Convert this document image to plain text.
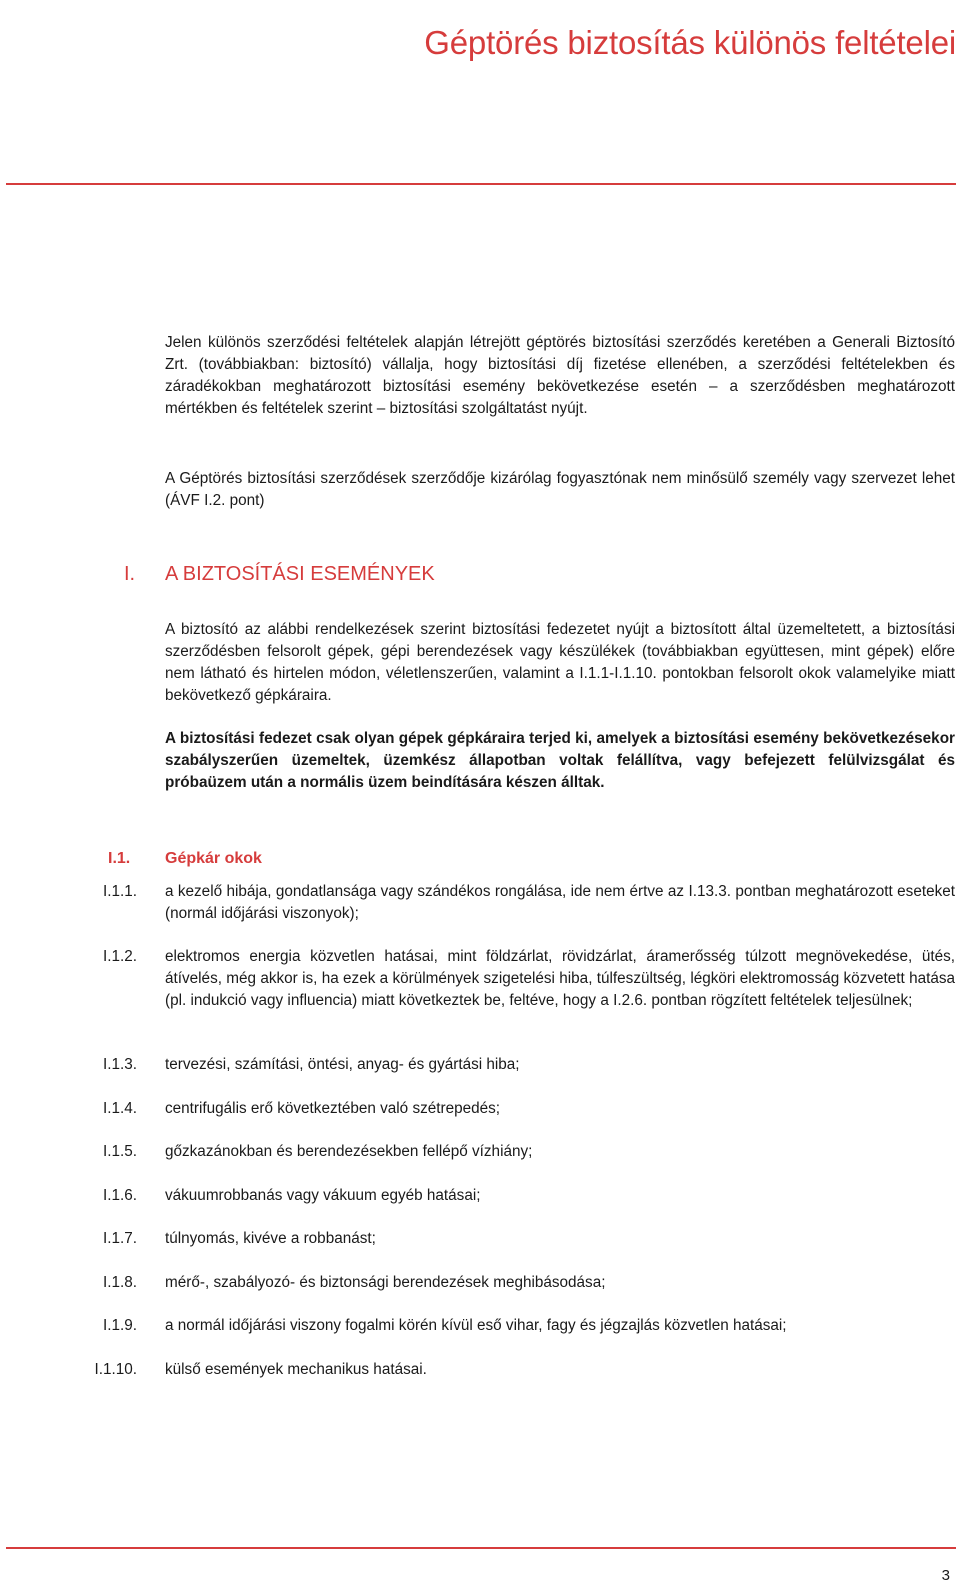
Géptörés biztosítás különös feltételei

Jelen különös szerződési feltételek alapján létrejött géptörés biztosítási szerződés keretében a Generali Biztosító Zrt. (továbbiakban: biztosító) vállalja, hogy biztosítási díj fizetése ellenében, a szerződési feltételekben és záradékokban meghatározott biztosítási esemény bekövetkezése esetén – a szerződésben meghatározott mértékben és feltételek szerint – biztosítási szolgáltatást nyújt.

A Géptörés biztosítási szerződések szerződője kizárólag fogyasztónak nem minősülő személy vagy szervezet lehet (ÁVF I.2. pont)

I. A BIZTOSÍTÁSI ESEMÉNYEK

A biztosító az alábbi rendelkezések szerint biztosítási fedezetet nyújt a biztosított által üzemeltetett, a biztosítási szerződésben felsorolt gépek, gépi berendezések vagy készülékek (továbbiakban együttesen, mint gépek) előre nem látható és hirtelen módon, véletlenszerűen, valamint a I.1.1-I.1.10. pontokban felsorolt okok valamelyike miatt bekövetkező gépkáraira.

A biztosítási fedezet csak olyan gépek gépkáraira terjed ki, amelyek a biztosítási esemény bekövetkezésekor szabályszerűen üzemeltek, üzemkész állapotban voltak felállítva, vagy befejezett felülvizsgálat és próbaüzem után a normális üzem beindítására készen álltak.

I.1. Gépkár okok
I.1.1. a kezelő hibája, gondatlansága vagy szándékos rongálása, ide nem értve az I.13.3. pontban meghatározott eseteket (normál időjárási viszonyok);
I.1.2. elektromos energia közvetlen hatásai, mint földzárlat, rövidzárlat, áramerősség túlzott megnövekedése, ütés, átívelés, még akkor is, ha ezek a körülmények szigetelési hiba, túlfeszültség, légköri elektromosság közvetett hatása (pl. indukció vagy influencia) miatt következtek be, feltéve, hogy a I.2.6. pontban rögzített feltételek teljesülnek;
I.1.3. tervezési, számítási, öntési, anyag- és gyártási hiba;
I.1.4. centrifugális erő következtében való szétrepedés;
I.1.5. gőzkazánokban és berendezésekben fellépő vízhiány;
I.1.6. vákuumrobbanás vagy vákuum egyéb hatásai;
I.1.7. túlnyomás, kivéve a robbanást;
I.1.8. mérő-, szabályozó- és biztonsági berendezések meghibásodása;
I.1.9. a normál időjárási viszony fogalmi körén kívül eső vihar, fagy és jégzajlás közvetlen hatásai;
I.1.10. külső események mechanikus hatásai.
3
